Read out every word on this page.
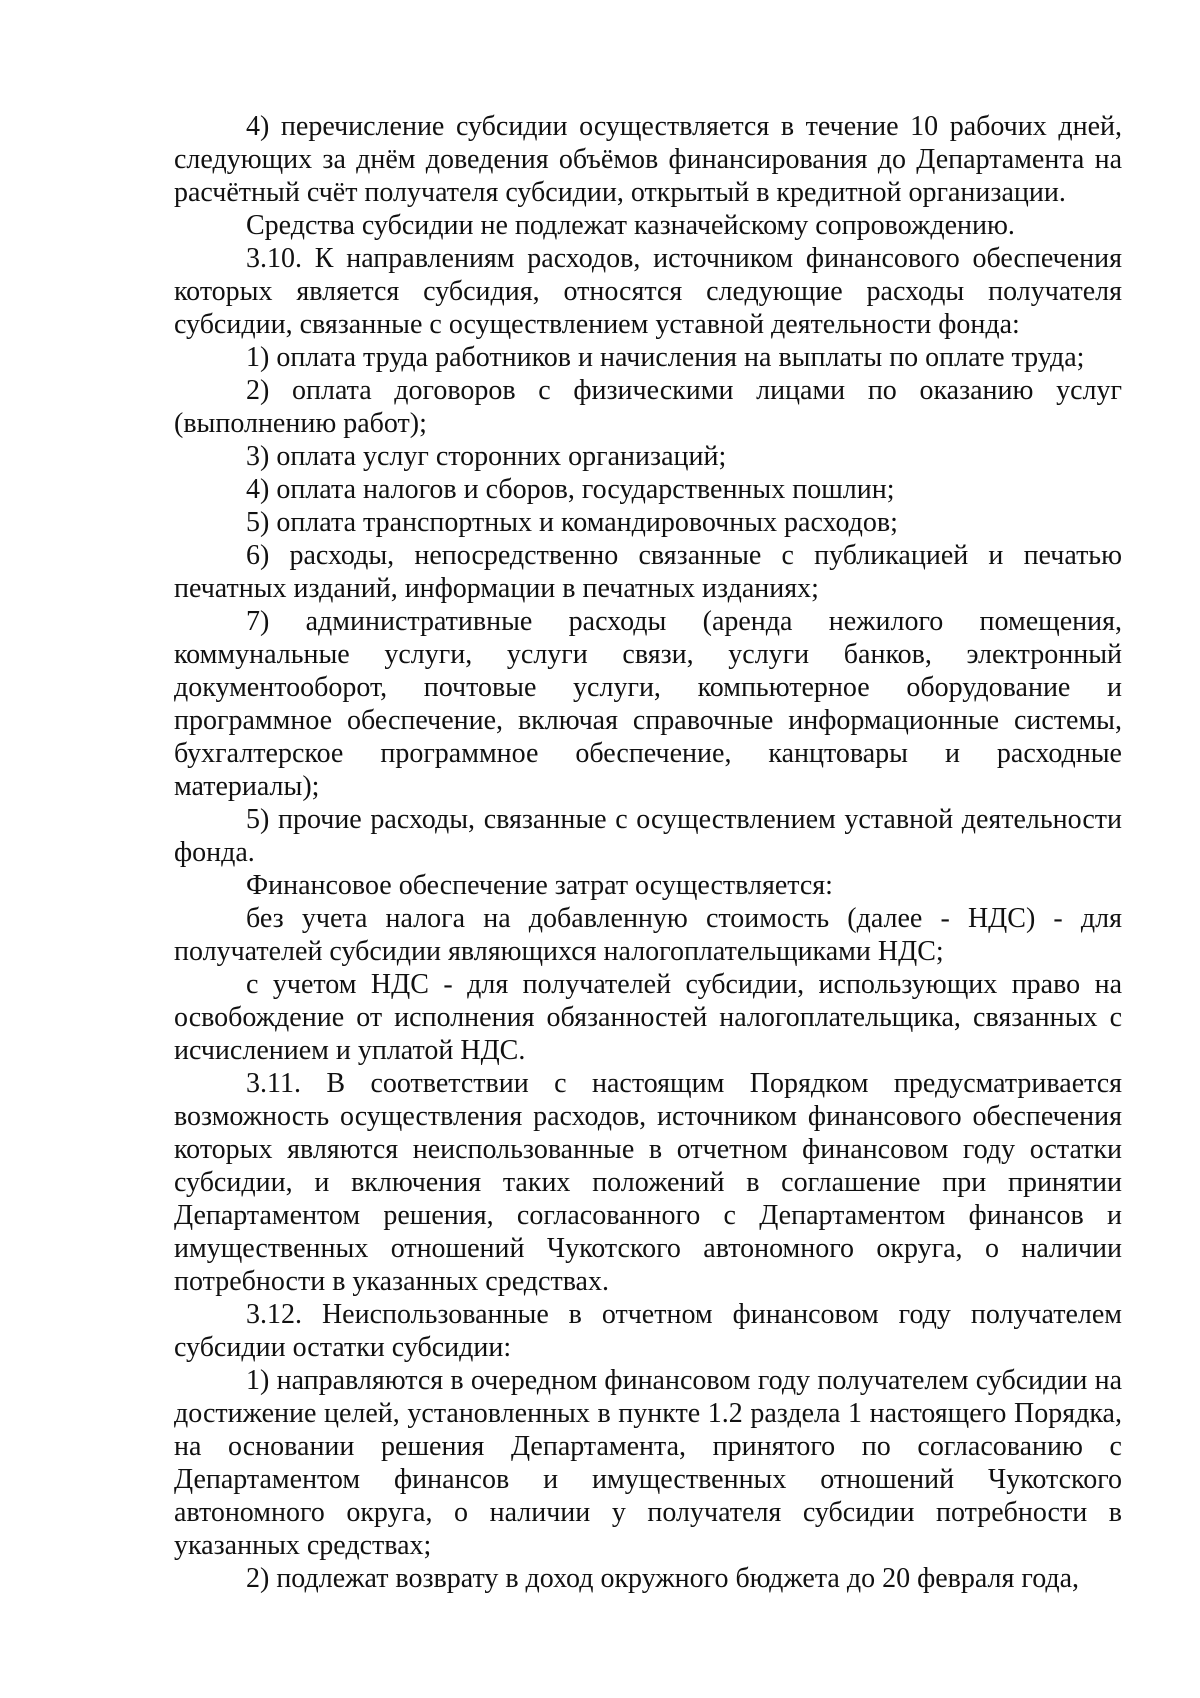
4) перечисление субсидии осуществляется в течение 10 рабочих дней, следующих за днём доведения объёмов финансирования до Департамента на расчётный счёт получателя субсидии, открытый в кредитной организации.

Средства субсидии не подлежат казначейскому сопровождению.

3.10. К направлениям расходов, источником финансового обеспечения которых является субсидия, относятся следующие расходы получателя субсидии, связанные с осуществлением уставной деятельности фонда:

1) оплата труда работников и начисления на выплаты по оплате труда;

2) оплата договоров с физическими лицами по оказанию услуг (выполнению работ);

3) оплата услуг сторонних организаций;

4) оплата налогов и сборов, государственных пошлин;

5) оплата транспортных и командировочных расходов;

6) расходы, непосредственно связанные с публикацией и печатью печатных изданий, информации в печатных изданиях;

7) административные расходы (аренда нежилого помещения, коммунальные услуги, услуги связи, услуги банков, электронный документооборот, почтовые услуги, компьютерное оборудование и программное обеспечение, включая справочные информационные системы, бухгалтерское программное обеспечение, канцтовары и расходные материалы);

5) прочие расходы, связанные с осуществлением уставной деятельности фонда.

Финансовое обеспечение затрат осуществляется:

без учета налога на добавленную стоимость (далее - НДС) - для получателей субсидии являющихся налогоплательщиками НДС;

с учетом НДС - для получателей субсидии, использующих право на освобождение от исполнения обязанностей налогоплательщика, связанных с исчислением и уплатой НДС.

3.11. В соответствии с настоящим Порядком предусматривается возможность осуществления расходов, источником финансового обеспечения которых являются неиспользованные в отчетном финансовом году остатки субсидии, и включения таких положений в соглашение при принятии Департаментом решения, согласованного с Департаментом финансов и имущественных отношений Чукотского автономного округа, о наличии потребности в указанных средствах.

3.12. Неиспользованные в отчетном финансовом году получателем субсидии остатки субсидии:

1) направляются в очередном финансовом году получателем субсидии на достижение целей, установленных в пункте 1.2 раздела 1 настоящего Порядка, на основании решения Департамента, принятого по согласованию с Департаментом финансов и имущественных отношений Чукотского автономного округа, о наличии у получателя субсидии потребности в указанных средствах;

2) подлежат возврату в доход окружного бюджета до 20 февраля года,
